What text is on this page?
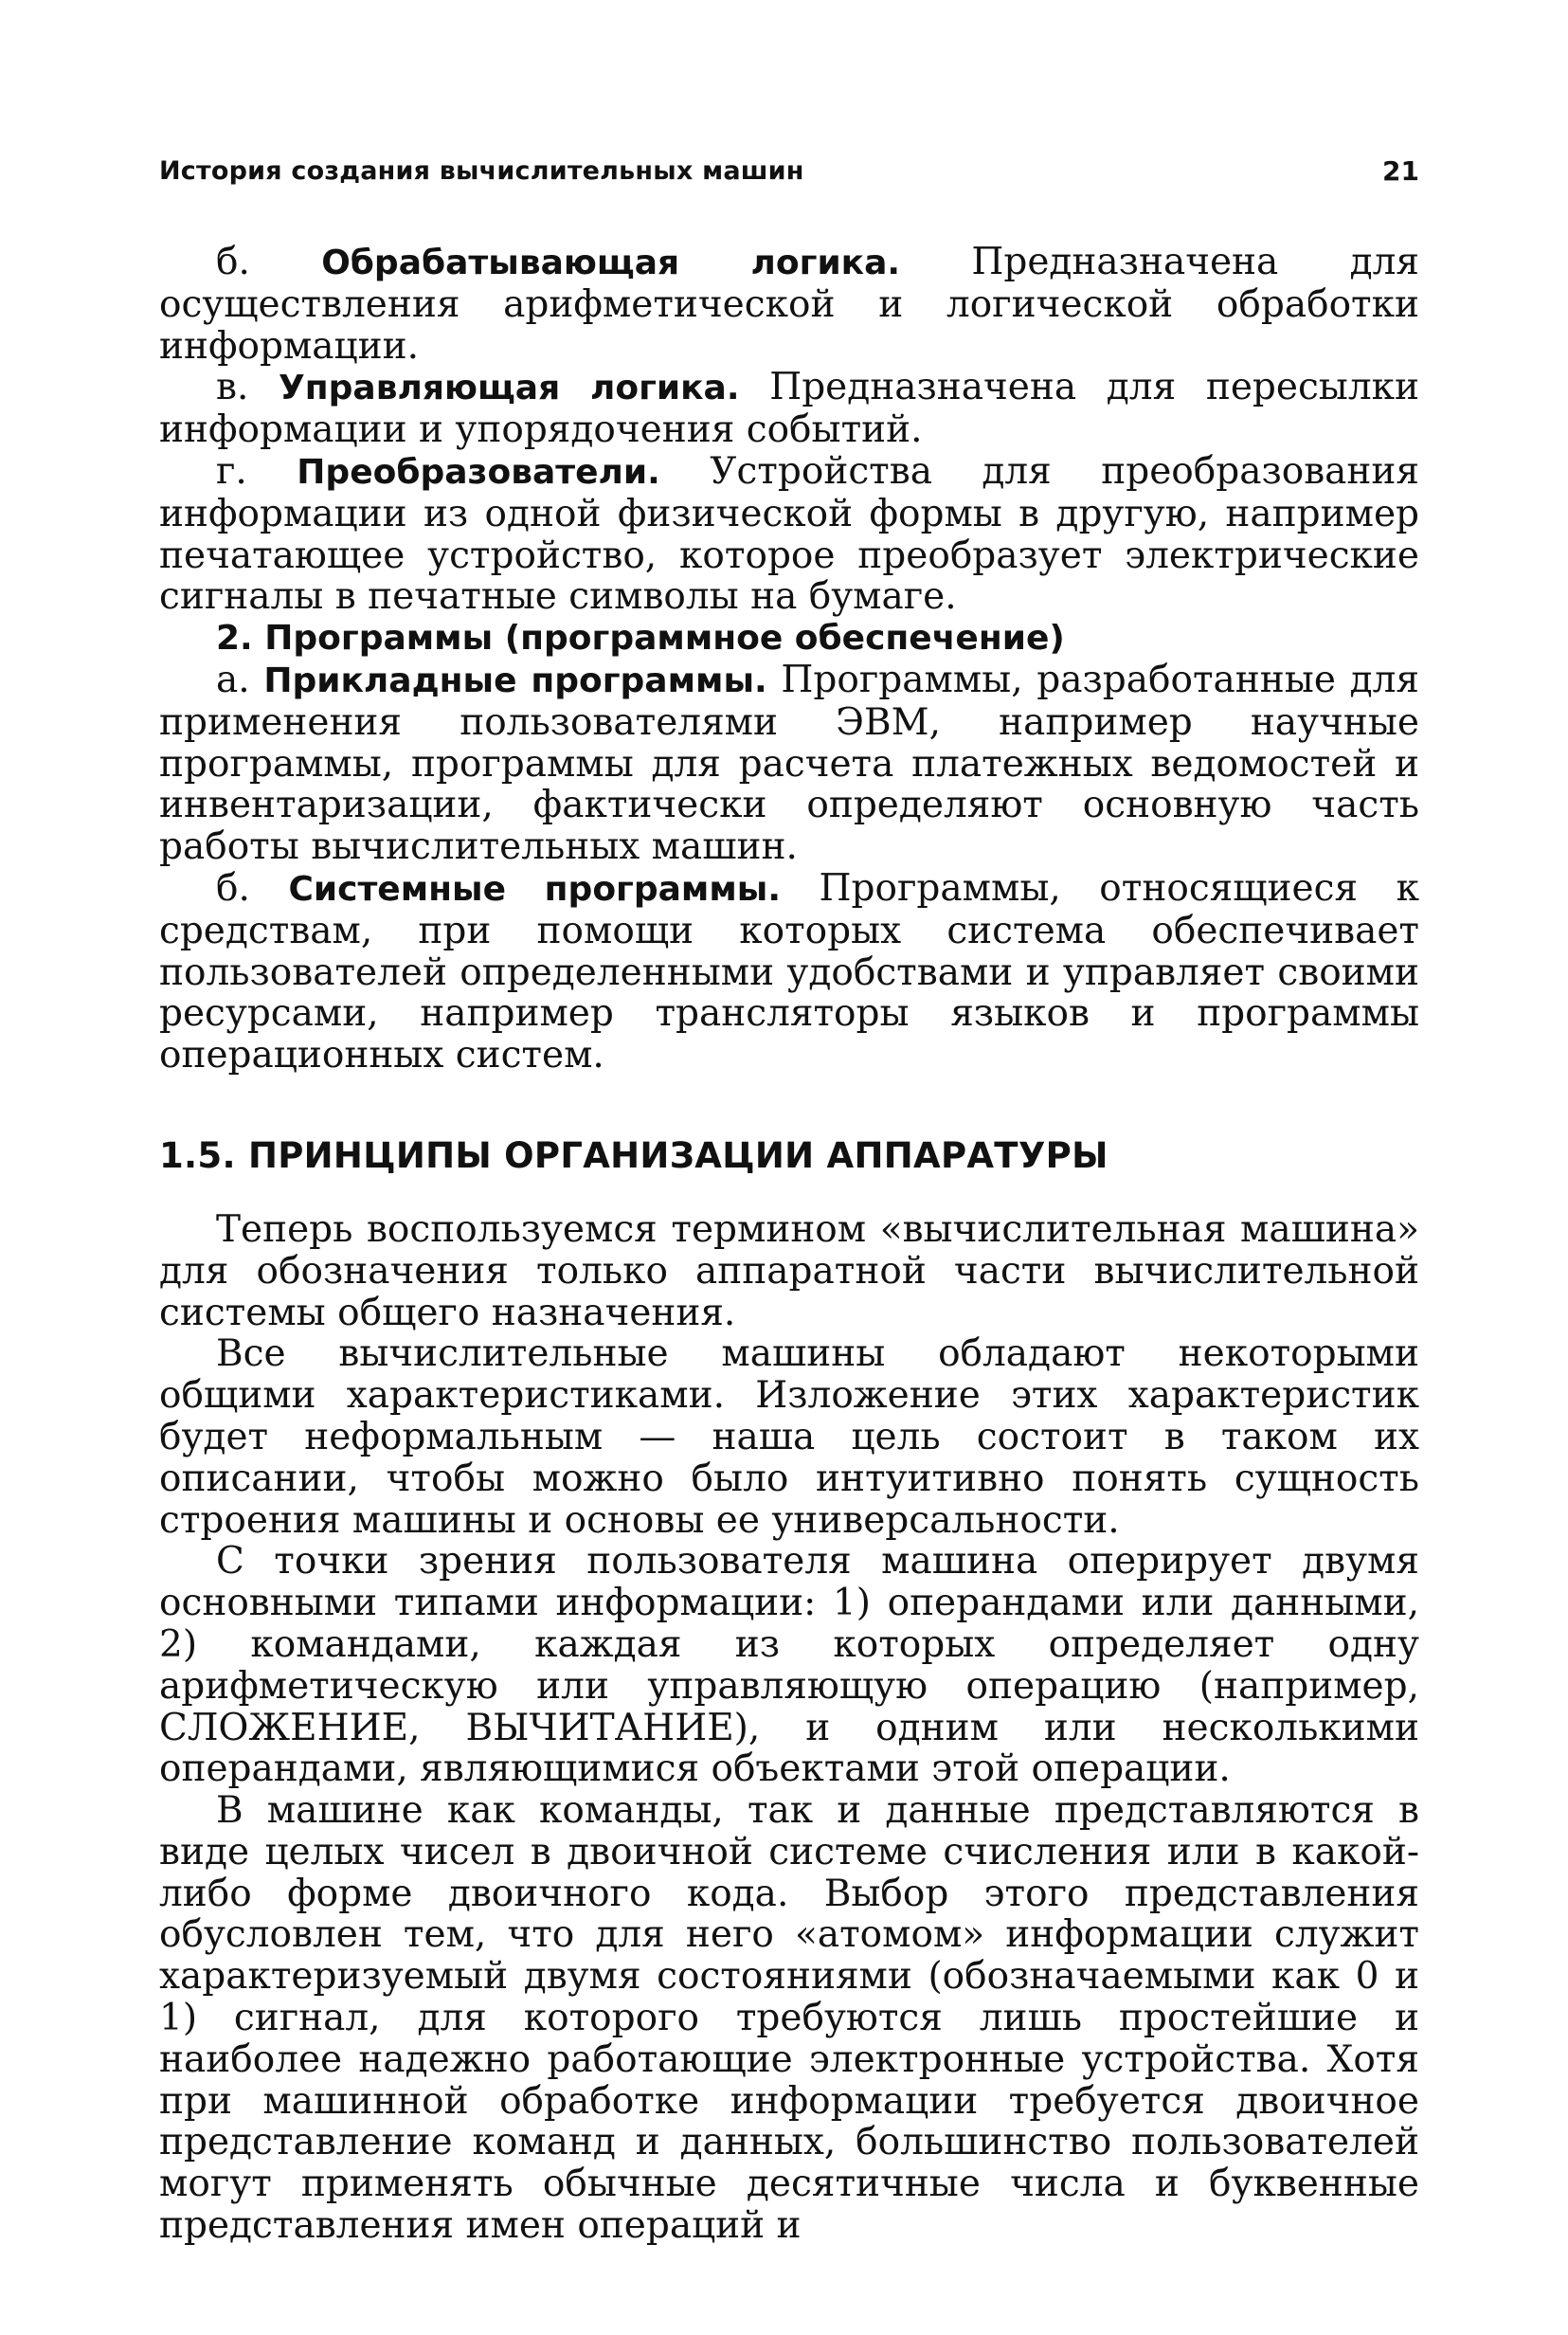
История создания вычислительных машин	21

б. Обрабатывающая логика. Предназначена для осуществления арифметической и логической обработки информации.

в. Управляющая логика. Предназначена для пересылки информации и упорядочения событий.

г. Преобразователи. Устройства для преобразования информации из одной физической формы в другую, например печатающее устройство, которое преобразует электрические сигналы в печатные символы на бумаге.

2. Программы (программное обеспечение)

а. Прикладные программы. Программы, разработанные для применения пользователями ЭВМ, например научные программы, программы для расчета платежных ведомостей и инвентаризации, фактически определяют основную часть работы вычислительных машин.

б. Системные программы. Программы, относящиеся к средствам, при помощи которых система обеспечивает пользователей определенными удобствами и управляет своими ресурсами, например трансляторы языков и программы операционных систем.

1.5. ПРИНЦИПЫ ОРГАНИЗАЦИИ АППАРАТУРЫ

Теперь воспользуемся термином «вычислительная машина» для обозначения только аппаратной части вычислительной системы общего назначения.

Все вычислительные машины обладают некоторыми общими характеристиками. Изложение этих характеристик будет неформальным — наша цель состоит в таком их описании, чтобы можно было интуитивно понять сущность строения машины и основы ее универсальности.

С точки зрения пользователя машина оперирует двумя основными типами информации: 1) операндами или данными, 2) командами, каждая из которых определяет одну арифметическую или управляющую операцию (например, СЛОЖЕНИЕ, ВЫЧИТАНИЕ), и одним или несколькими операндами, являющимися объектами этой операции.

В машине как команды, так и данные представляются в виде целых чисел в двоичной системе счисления или в какой-либо форме двоичного кода. Выбор этого представления обусловлен тем, что для него «атомом» информации служит характеризуемый двумя состояниями (обозначаемыми как 0 и 1) сигнал, для которого требуются лишь простейшие и наиболее надежно работающие электронные устройства. Хотя при машинной обработке информации требуется двоичное представление команд и данных, большинство пользователей могут применять обычные десятичные числа и буквенные представления имен операций и
